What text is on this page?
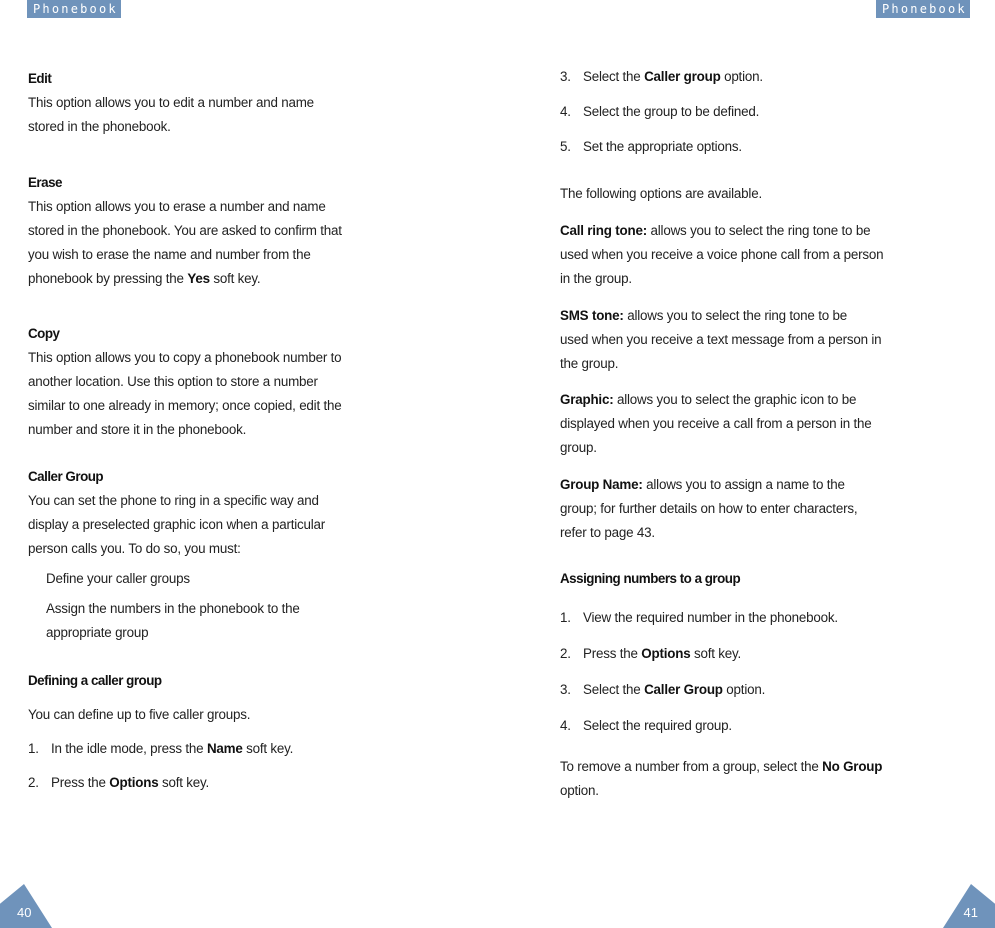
Phonebook	Phonebook
Edit
This option allows you to edit a number and name
stored in the phonebook.
Erase
This option allows you to erase a number and name
stored in the phonebook. You are asked to confirm that
you wish to erase the name and number from the
phonebook by pressing the Yes soft key.
Copy
This option allows you to copy a phonebook number to
another location. Use this option to store a number
similar to one already in memory; once copied, edit the
number and store it in the phonebook.
Caller Group
You can set the phone to ring in a specific way and
display a preselected graphic icon when a particular
person calls you. To do so, you must:
Define your caller groups
Assign the numbers in the phonebook to the
appropriate group
Defining a caller group
You can define up to five caller groups.
1. In the idle mode, press the Name soft key.
2. Press the Options soft key.
3. Select the Caller group option.
4. Select the group to be defined.
5. Set the appropriate options.
The following options are available.
Call ring tone: allows you to select the ring tone to be
used when you receive a voice phone call from a person
in the group.
SMS tone: allows you to select the ring tone to be
used when you receive a text message from a person in
the group.
Graphic: allows you to select the graphic icon to be
displayed when you receive a call from a person in the
group.
Group Name: allows you to assign a name to the
group; for further details on how to enter characters,
refer to page 43.
Assigning numbers to a group
1. View the required number in the phonebook.
2. Press the Options soft key.
3. Select the Caller Group option.
4. Select the required group.
To remove a number from a group, select the No Group
option.
40	41
